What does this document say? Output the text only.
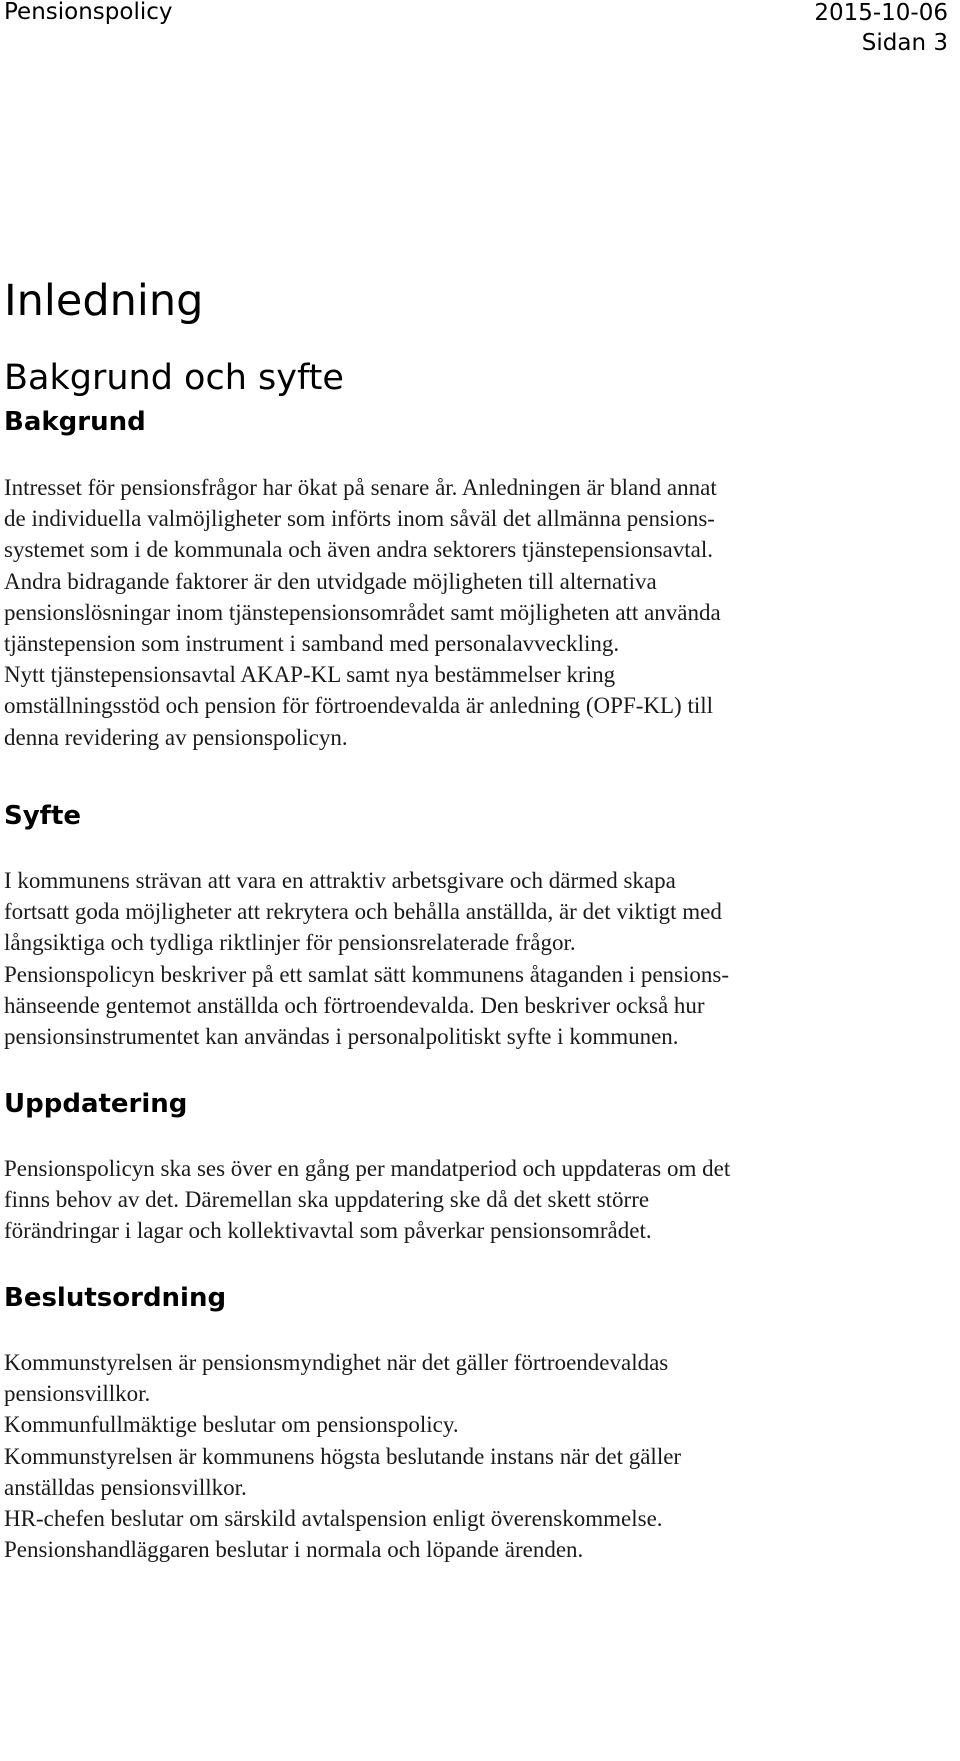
Pensionspolicy	2015-10-06
Sidan 3
Inledning
Bakgrund och syfte
Bakgrund
Intresset för pensionsfrågor har ökat på senare år. Anledningen är bland annat
de individuella valmöjligheter som införts inom såväl det allmänna pensions-
systemet som i de kommunala och även andra sektorers tjänstepensionsavtal.
Andra bidragande faktorer är den utvidgade möjligheten till alternativa
pensionslösningar inom tjänstepensionsområdet samt möjligheten att använda
tjänstepension som instrument i samband med personalavveckling.
Nytt tjänstepensionsavtal AKAP-KL samt nya bestämmelser kring
omställningsstöd och pension för förtroendevalda är anledning (OPF-KL) till
denna revidering av pensionspolicyn.
Syfte
I kommunens strävan att vara en attraktiv arbetsgivare och därmed skapa
fortsatt goda möjligheter att rekrytera och behålla anställda, är det viktigt med
långsiktiga och tydliga riktlinjer för pensionsrelaterade frågor.
Pensionspolicyn beskriver på ett samlat sätt kommunens åtaganden i pensions-
hänseende gentemot anställda och förtroendevalda. Den beskriver också hur
pensionsinstrumentet kan användas i personalpolitiskt syfte i kommunen.
Uppdatering
Pensionspolicyn ska ses över en gång per mandatperiod och uppdateras om det
finns behov av det. Däremellan ska uppdatering ske då det skett större
förändringar i lagar och kollektivavtal som påverkar pensionsområdet.
Beslutsordning
Kommunstyrelsen är pensionsmyndighet när det gäller förtroendevaldas
pensionsvillkor.
Kommunfullmäktige beslutar om pensionspolicy.
Kommunstyrelsen är kommunens högsta beslutande instans när det gäller
anställdas pensionsvillkor.
HR-chefen beslutar om särskild avtalspension enligt överenskommelse.
Pensionshandläggaren beslutar i normala och löpande ärenden.
